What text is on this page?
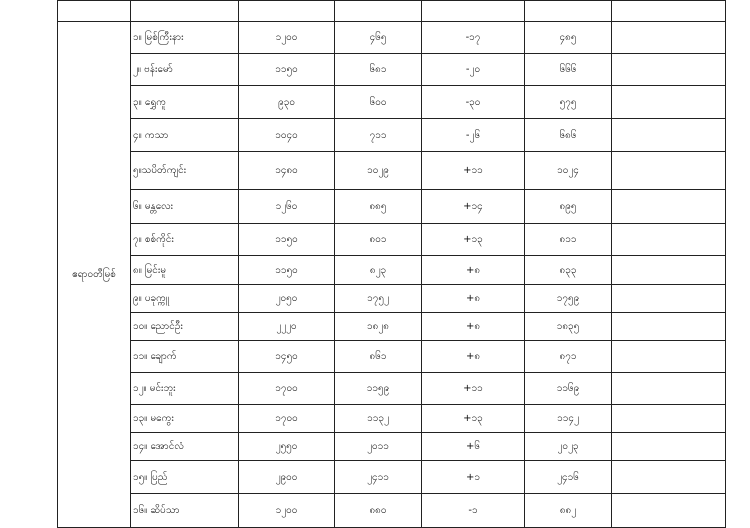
ဧရာဝတီမြစ်	၁။ မြစ်ကြီးနား	၁၂၀၀	၄၆၅	-၁၇	၄၈၅	
	၂။ ဗန်းမော်	၁၁၅၀	၆၈၁	-၂၀	၆၆၆	
	၃။ ရွှေကူ	၉၃၀	၆၀၀	-၃၀	၅၇၅	
	၄။ ကသာ	၁၀၄၀	၇၁၁	-၂၆	၆၈၆	
	၅။သပိတ်ကျင်း	၁၄၈၀	၁၀၂၉	+၁၁	၁၀၂၄	
	၆။ မန္တလေး	၁၂၆၀	၈၈၅	+၁၄	၈၉၅	
	၇။ စစ်ကိုင်း	၁၁၅၀	၈၀၁	+၁၃	၈၁၁	
	၈။ မြင်းမူ	၁၁၅၀	၈၂၃	+၈	၈၃၃	
	၉။ ပခုက္ကူ	၂၀၅၀	၁၇၅၂	+၈	၁၇၅၉	
	၁၀။ ညောင်ဦး	၂၂၂၀	၁၈၂၈	+၈	၁၈၃၅	
	၁၁။ ချောက်	၁၄၅၀	၈၆၁	+၈	၈၇၁	
	၁၂။ မင်းဘူး	၁၇၀၀	၁၁၅၉	+၁၁	၁၁၆၉	
	၁၃။ မကွေး	၁၇၀၀	၁၁၃၂	+၁၃	၁၁၄၂	
	၁၄။ အောင်လံ	၂၅၅၀	၂၀၁၁	+၆	၂၀၂၃	
	၁၅။ ပြည်	၂၉၀၀	၂၄၁၁	+၁	၂၄၁၆	
	၁၆။ ဆိပ်သာ	၁၂၀၀	၈၈၀	-၁	၈၈၂	
